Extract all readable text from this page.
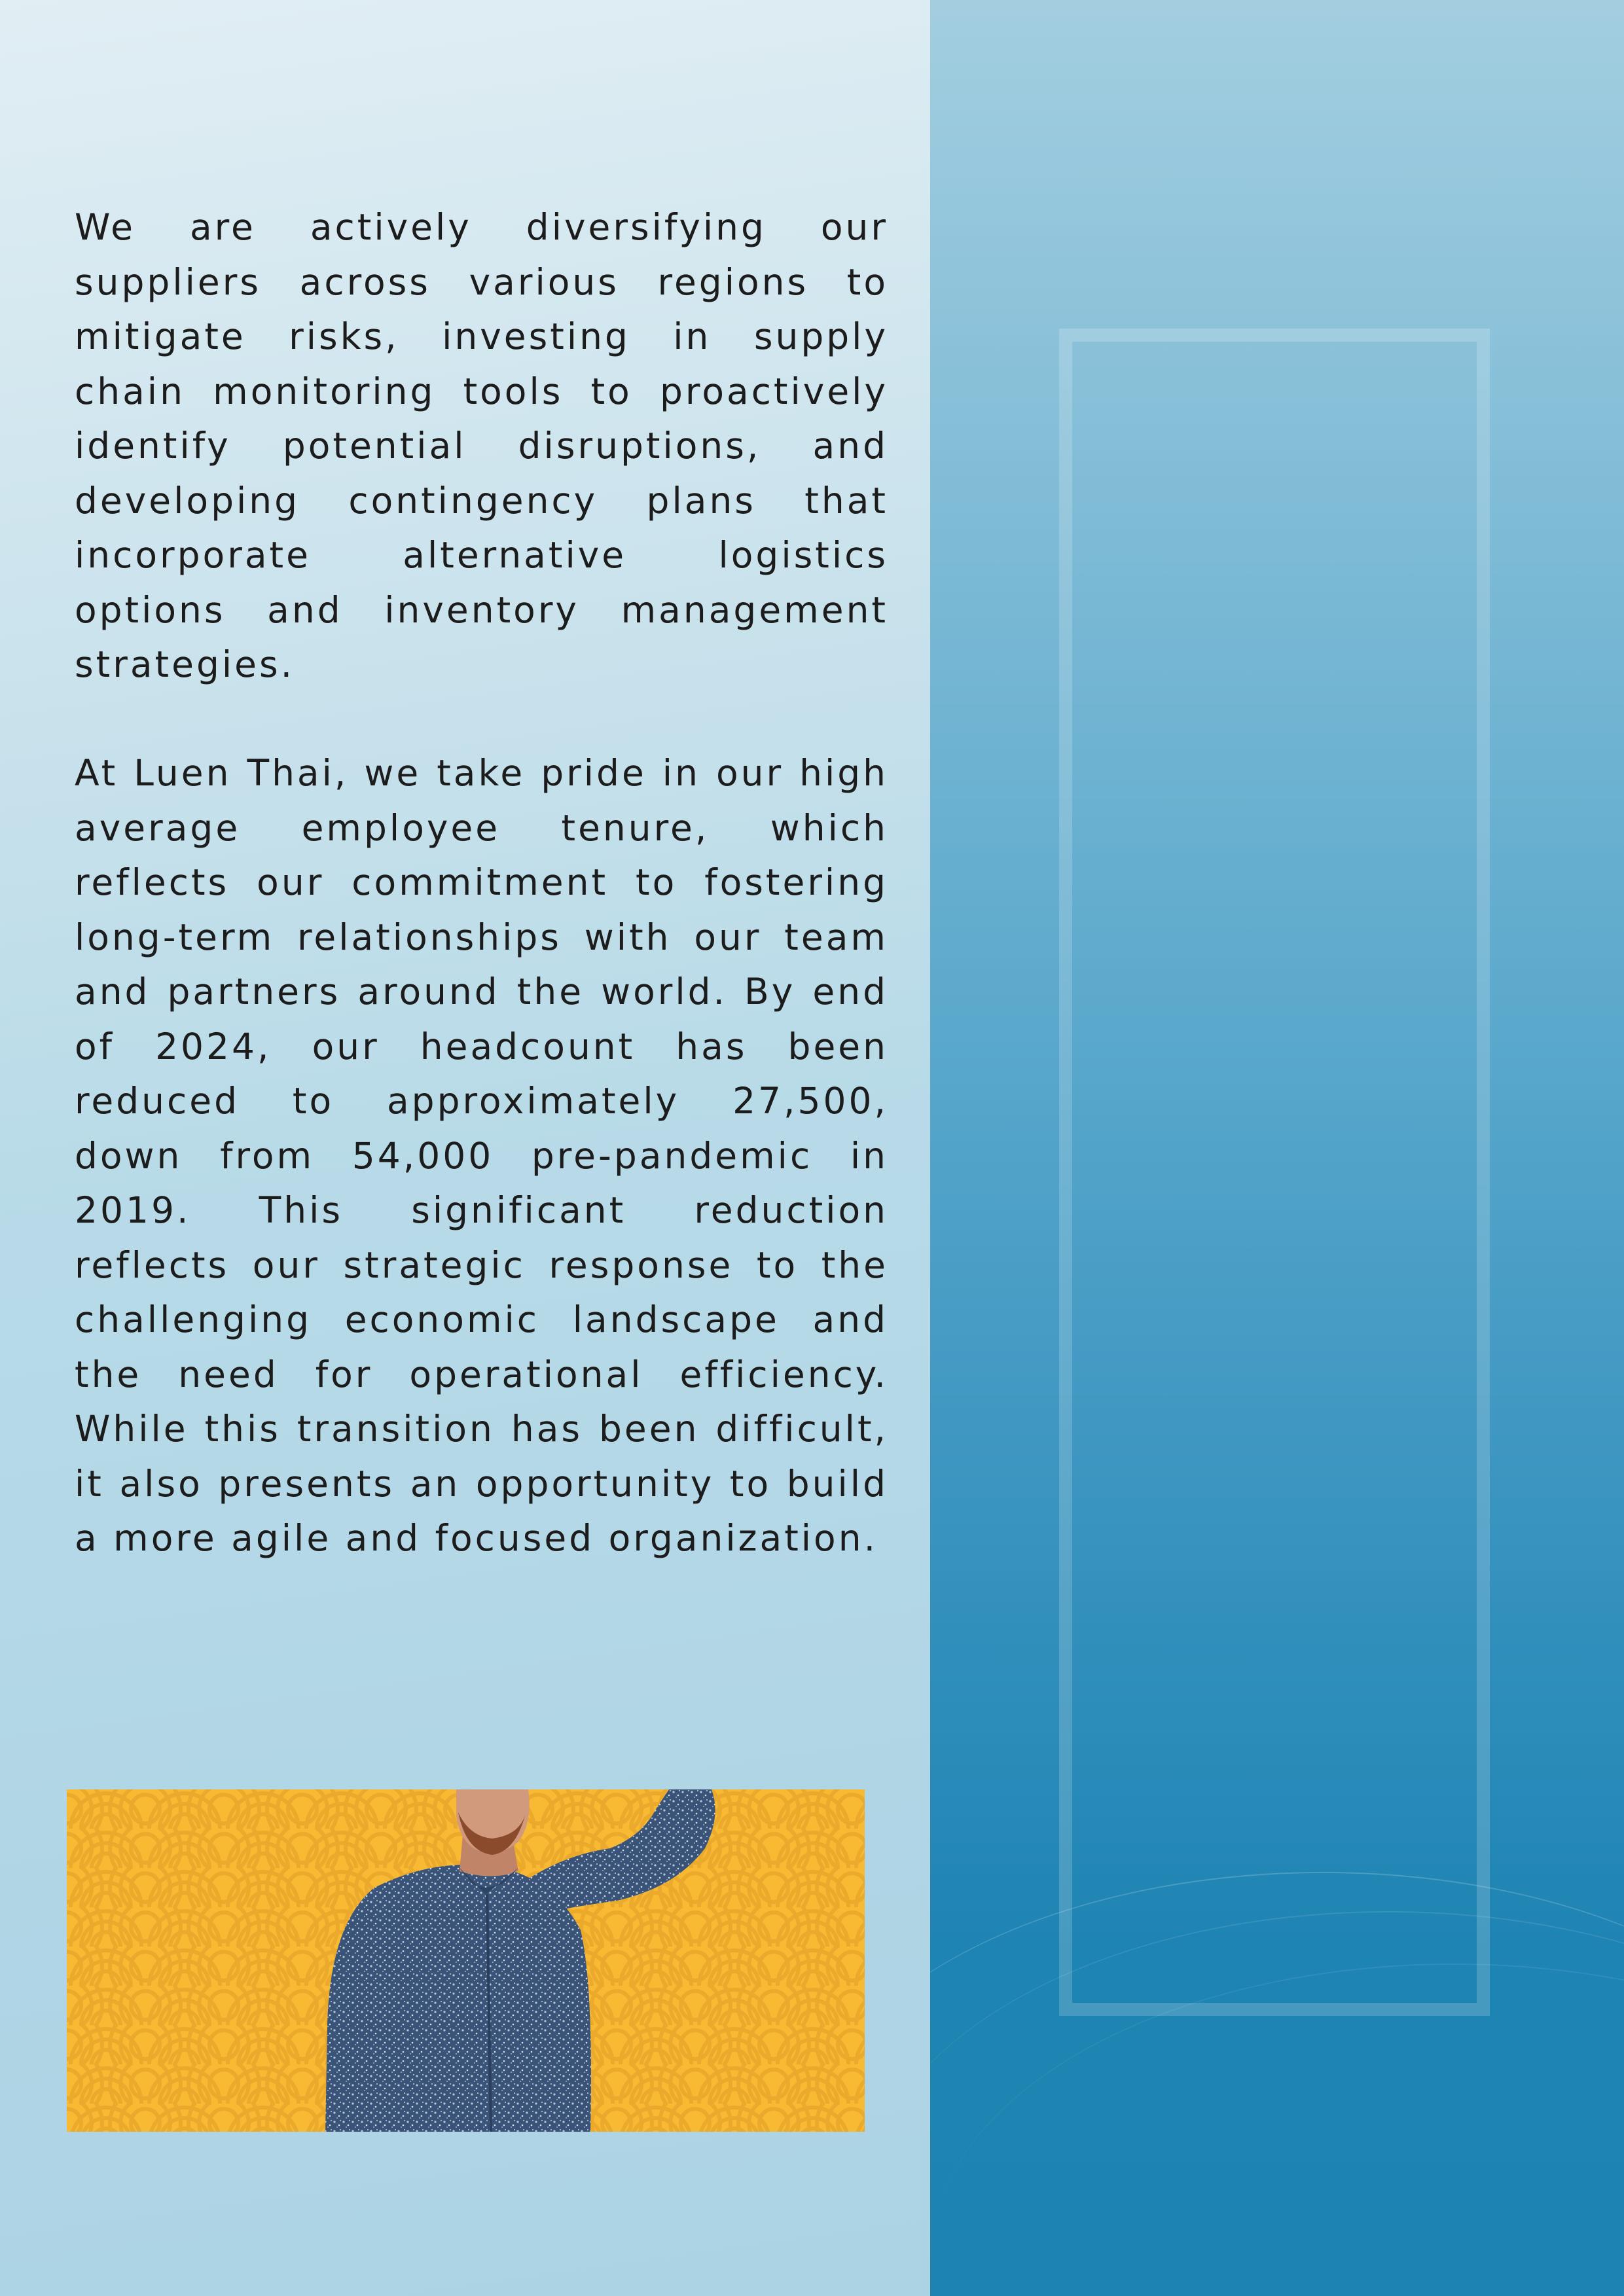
We are actively diversifying our suppliers across various regions to mitigate risks, investing in supply chain monitoring tools to proactively identify potential disruptions, and developing contingency plans that incorporate alternative logistics options and inventory management strategies.

At Luen Thai, we take pride in our high average employee tenure, which reflects our commitment to fostering long-term relationships with our team and partners around the world. By end of 2024, our headcount has been reduced to approximately 27,500, down from 54,000 pre-pandemic in 2019. This significant reduction reflects our strategic response to the challenging economic landscape and the need for operational efficiency. While this transition has been difficult, it also presents an opportunity to build a more agile and focused organization.
